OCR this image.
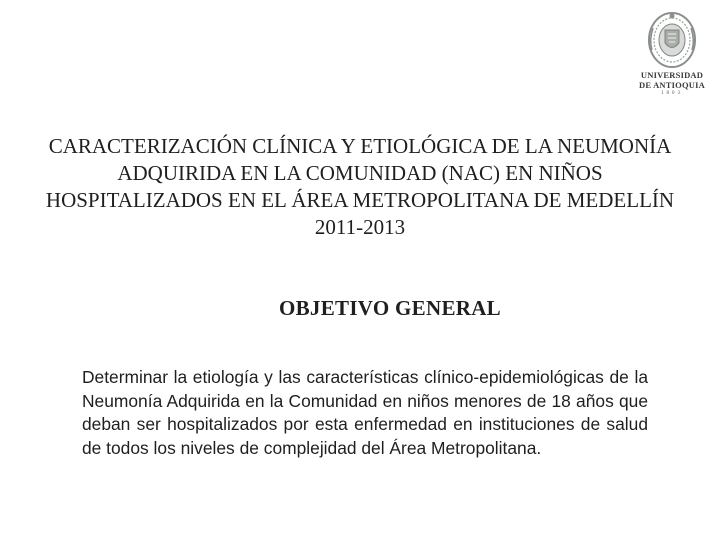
UNIVERSIDAD
DE ANTIOQUIA
1803
CARACTERIZACIÓN CLÍNICA Y ETIOLÓGICA DE LA NEUMONÍA ADQUIRIDA EN LA COMUNIDAD (NAC) EN NIÑOS HOSPITALIZADOS EN EL ÁREA METROPOLITANA DE MEDELLÍN 2011-2013
OBJETIVO GENERAL

Determinar la etiología y las características clínico-epidemiológicas de la Neumonía Adquirida en la Comunidad en niños menores de 18 años que deban ser hospitalizados por esta enfermedad en instituciones de salud de todos los niveles de complejidad del Área Metropolitana.
